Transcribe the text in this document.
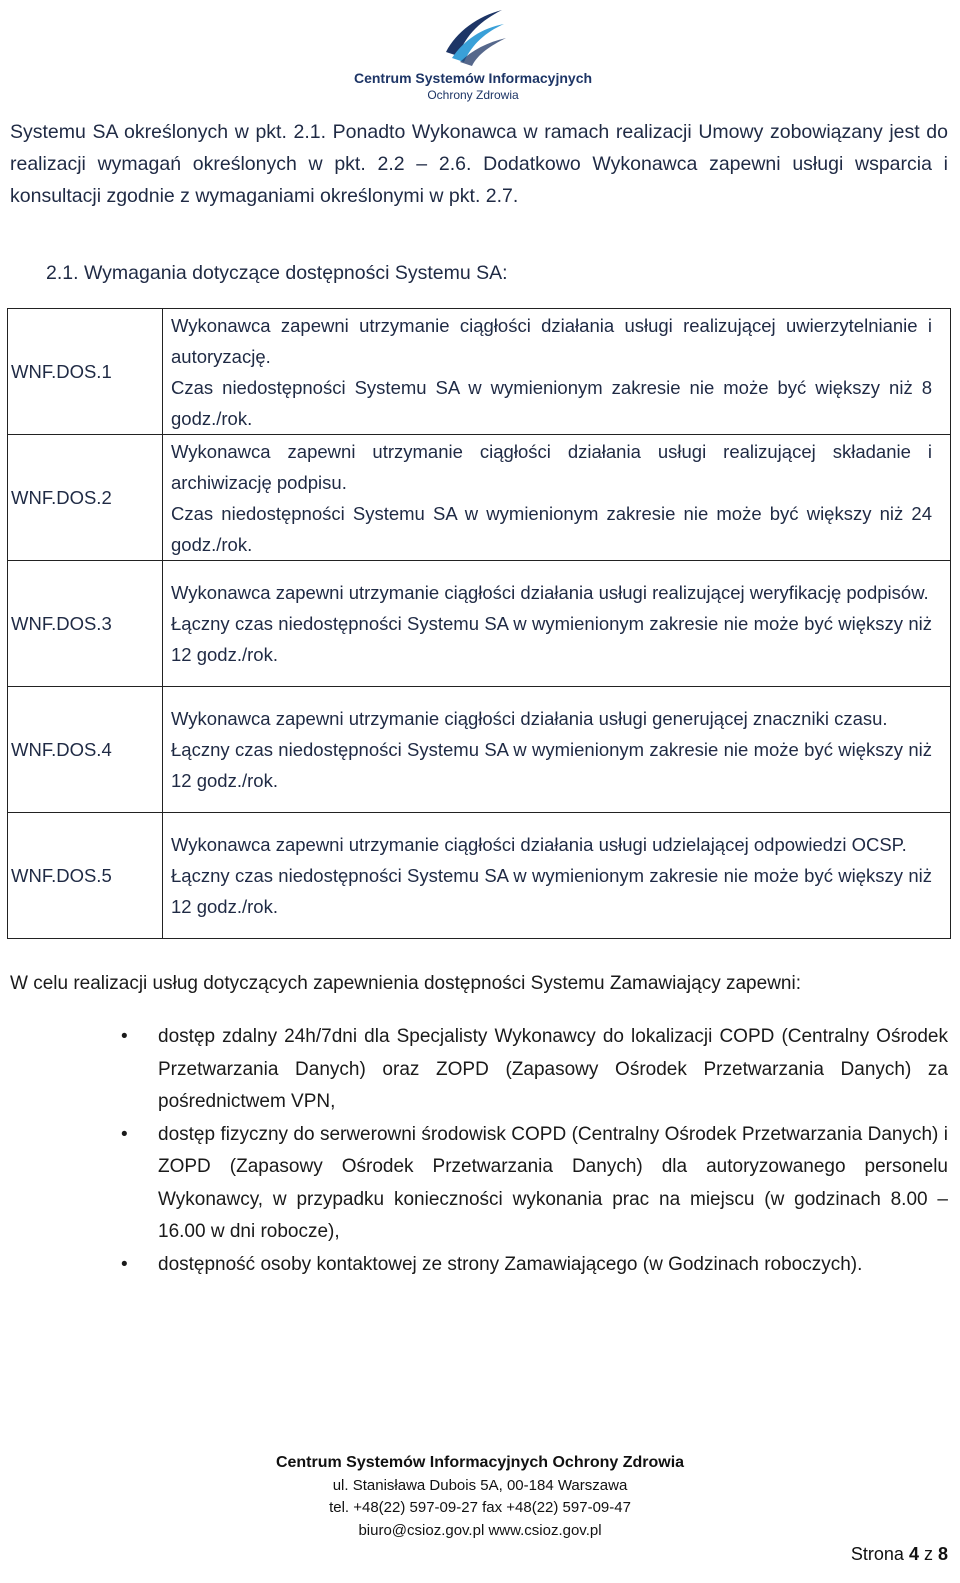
Centrum Systemów Informacyjnych
Ochrony Zdrowia

Systemu SA określonych w pkt. 2.1. Ponadto Wykonawca w ramach realizacji Umowy zobowiązany jest do realizacji wymagań określonych w pkt. 2.2 – 2.6. Dodatkowo Wykonawca zapewni usługi wsparcia i konsultacji zgodnie z wymaganiami określonymi w pkt. 2.7.

2.1. Wymagania dotyczące dostępności Systemu SA:

WNF.DOS.1	Wykonawca zapewni utrzymanie ciągłości działania usługi realizującej uwierzytelnianie i autoryzację.

Czas niedostępności Systemu SA w wymienionym zakresie nie może być większy niż 8 godz./rok.

WNF.DOS.2	Wykonawca zapewni utrzymanie ciągłości działania usługi realizującej składanie i archiwizację podpisu.

Czas niedostępności Systemu SA w wymienionym zakresie nie może być większy niż 24 godz./rok.

WNF.DOS.3	Wykonawca zapewni utrzymanie ciągłości działania usługi realizującej weryfikację podpisów.

Łączny czas niedostępności Systemu SA w wymienionym zakresie nie może być większy niż 12 godz./rok.

WNF.DOS.4	Wykonawca zapewni utrzymanie ciągłości działania usługi generującej znaczniki czasu.

Łączny czas niedostępności Systemu SA w wymienionym zakresie nie może być większy niż 12 godz./rok.

WNF.DOS.5	Wykonawca zapewni utrzymanie ciągłości działania usługi udzielającej odpowiedzi OCSP.

Łączny czas niedostępności Systemu SA w wymienionym zakresie nie może być większy niż 12 godz./rok.

W celu realizacji usług dotyczących zapewnienia dostępności Systemu Zamawiający zapewni:

• dostęp zdalny 24h/7dni dla Specjalisty Wykonawcy do lokalizacji COPD (Centralny Ośrodek Przetwarzania Danych) oraz ZOPD (Zapasowy Ośrodek Przetwarzania Danych) za pośrednictwem VPN,
• dostęp fizyczny do serwerowni środowisk COPD (Centralny Ośrodek Przetwarzania Danych) i ZOPD (Zapasowy Ośrodek Przetwarzania Danych) dla autoryzowanego personelu Wykonawcy, w przypadku konieczności wykonania prac na miejscu (w godzinach 8.00 – 16.00 w dni robocze),
• dostępność osoby kontaktowej ze strony Zamawiającego (w Godzinach roboczych).
Centrum Systemów Informacyjnych Ochrony Zdrowia
ul. Stanisława Dubois 5A, 00-184 Warszawa
tel. +48(22) 597-09-27 fax +48(22) 597-09-47
biuro@csioz.gov.pl www.csioz.gov.pl
Strona 4 z 8
